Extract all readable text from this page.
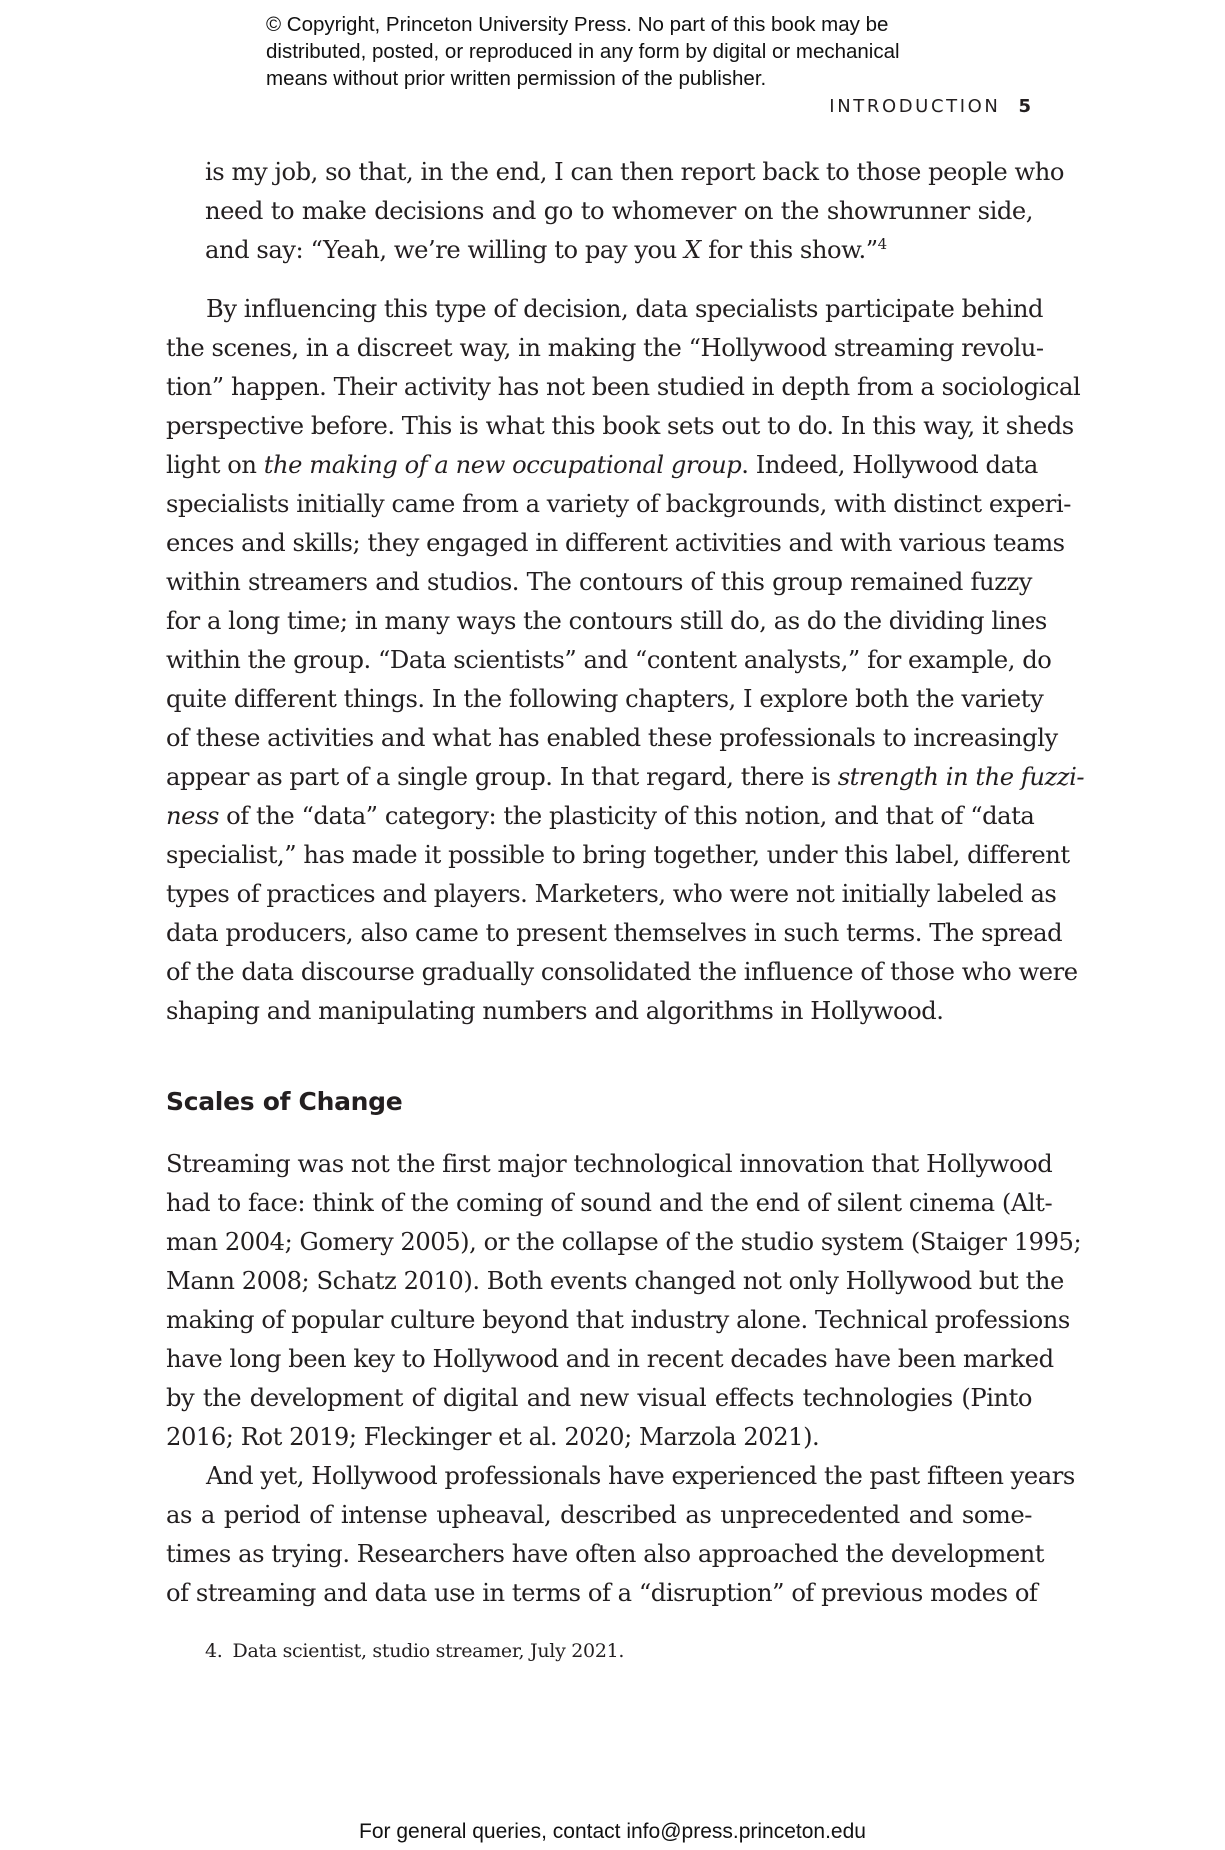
© Copyright, Princeton University Press. No part of this book may be

distributed, posted, or reproduced in any form by digital or mechanical

means without prior written permission of the publisher.

INTRODUCTION 5
is my job, so that, in the end, I can then report back to those people who
need to make decisions and go to whomever on the showrunner side,
and say: “Yeah, we’re willing to pay you X for this show.”$^4$
By influencing this type of decision, data specialists participate behind
the scenes, in a discreet way, in making the “Hollywood streaming revolu-
tion” happen. Their activity has not been studied in depth from a sociological
perspective before. This is what this book sets out to do. In this way, it sheds
light on the making of a new occupational group. Indeed, Hollywood data
specialists initially came from a variety of backgrounds, with distinct experi-
ences and skills; they engaged in different activities and with various teams
within streamers and studios. The contours of this group remained fuzzy
for a long time; in many ways the contours still do, as do the dividing lines
within the group. “Data scientists” and “content analysts,” for example, do
quite different things. In the following chapters, I explore both the variety
of these activities and what has enabled these professionals to increasingly
appear as part of a single group. In that regard, there is strength in the fuzzi-
ness of the “data” category: the plasticity of this notion, and that of “data
specialist,” has made it possible to bring together, under this label, different
types of practices and players. Marketers, who were not initially labeled as
data producers, also came to present themselves in such terms. The spread
of the data discourse gradually consolidated the influence of those who were
shaping and manipulating numbers and algorithms in Hollywood.
Scales of Change
Streaming was not the first major technological innovation that Hollywood
had to face: think of the coming of sound and the end of silent cinema (Alt-
man 2004; Gomery 2005), or the collapse of the studio system (Staiger 1995;
Mann 2008; Schatz 2010). Both events changed not only Hollywood but the
making of popular culture beyond that industry alone. Technical professions
have long been key to Hollywood and in recent decades have been marked
by the development of digital and new visual effects technologies (Pinto
2016; Rot 2019; Fleckinger et al. 2020; Marzola 2021).
And yet, Hollywood professionals have experienced the past fifteen years
as a period of intense upheaval, described as unprecedented and some-
times as trying. Researchers have often also approached the development
of streaming and data use in terms of a “disruption” of previous modes of
4. Data scientist, studio streamer, July 2021.
For general queries, contact info@press.princeton.edu
